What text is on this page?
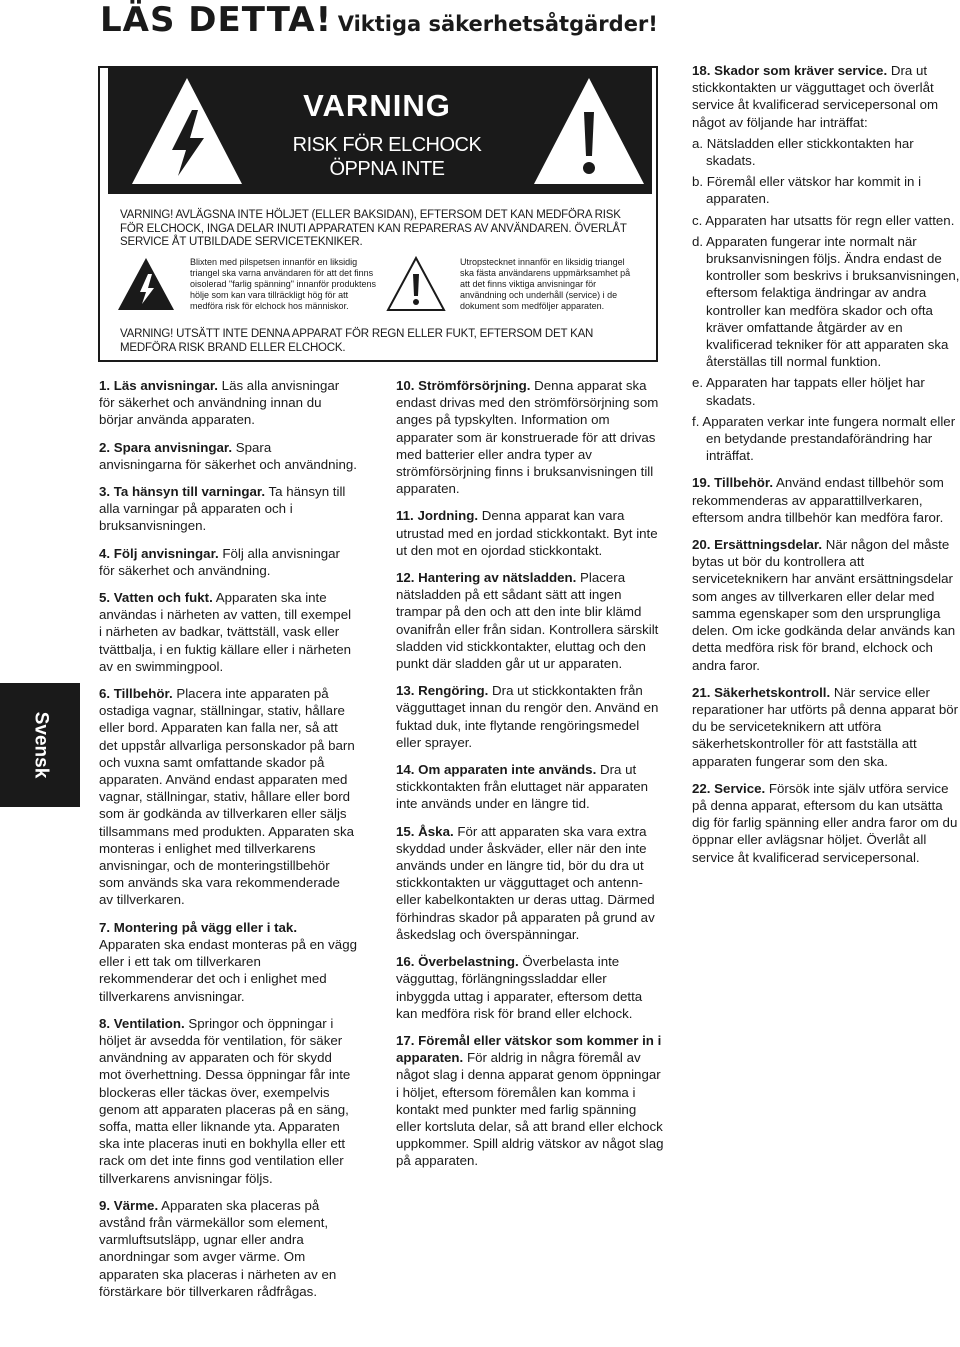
LÄS DETTA! Viktiga säkerhetsåtgärder!
VARNING
RISK FÖR ELCHOCK
ÖPPNA INTE
VARNING! AVLÄGSNA INTE HÖLJET (ELLER BAKSIDAN), EFTERSOM DET KAN MEDFÖRA RISK FÖR ELCHOCK, INGA DELAR INUTI APPARATEN KAN REPARERAS AV ANVÄNDAREN. ÖVERLÅT SERVICE ÅT UTBILDADE SERVICETEKNIKER.
Blixten med pilspetsen innanför en liksidig triangel ska varna användaren för att det finns oisolerad "farlig spänning" innanför produktens hölje som kan vara tillräckligt hög för att medföra risk för elchock hos människor.
Utropstecknet innanför en liksidig triangel ska fästa användarens uppmärksamhet på att det finns viktiga anvisningar för användning och underhåll (service) i de dokument som medföljer apparaten.
VARNING! UTSÄTT INTE DENNA APPARAT FÖR REGN ELLER FUKT, EFTERSOM DET KAN MEDFÖRA RISK BRAND ELLER ELCHOCK.

1. Läs anvisningar. Läs alla anvisningar för säkerhet och användning innan du börjar använda apparaten.

2. Spara anvisningar. Spara anvisningarna för säkerhet och användning.

3. Ta hänsyn till varningar. Ta hänsyn till alla varningar på apparaten och i bruksanvisningen.

4. Följ anvisningar. Följ alla anvisningar för säkerhet och användning.

5. Vatten och fukt. Apparaten ska inte användas i närheten av vatten, till exempel i närheten av badkar, tvättställ, vask eller tvättbalja, i en fuktig källare eller i närheten av en swimmingpool.

6. Tillbehör. Placera inte apparaten på ostadiga vagnar, ställningar, stativ, hållare eller bord. Apparaten kan falla ner, så att det uppstår allvarliga personskador på barn och vuxna samt omfattande skador på apparaten. Använd endast apparaten med vagnar, ställningar, stativ, hållare eller bord som är godkända av tillverkaren eller säljs tillsammans med produkten. Apparaten ska monteras i enlighet med tillverkarens anvisningar, och de monteringstillbehör som används ska vara rekommenderade av tillverkaren.

7. Montering på vägg eller i tak. Apparaten ska endast monteras på en vägg eller i ett tak om tillverkaren rekommenderar det och i enlighet med tillverkarens anvisningar.

8. Ventilation. Springor och öppningar i höljet är avsedda för ventilation, för säker användning av apparaten och för skydd mot överhettning. Dessa öppningar får inte blockeras eller täckas över, exempelvis genom att apparaten placeras på en säng, soffa, matta eller liknande yta. Apparaten ska inte placeras inuti en bokhylla eller ett rack om det inte finns god ventilation eller tillverkarens anvisningar följs.

9. Värme. Apparaten ska placeras på avstånd från värmekällor som element, varmluftsutsläpp, ugnar eller andra anordningar som avger värme. Om apparaten ska placeras i närheten av en förstärkare bör tillverkaren rådfrågas.

10. Strömförsörjning. Denna apparat ska endast drivas med den strömförsörjning som anges på typskylten. Information om apparater som är konstruerade för att drivas med batterier eller andra typer av strömförsörjning finns i bruksanvisningen till apparaten.

11. Jordning. Denna apparat kan vara utrustad med en jordad stickkontakt. Byt inte ut den mot en ojordad stickkontakt.

12. Hantering av nätsladden. Placera nätsladden på ett sådant sätt att ingen trampar på den och att den inte blir klämd ovanifrån eller från sidan. Kontrollera särskilt sladden vid stickkontakter, eluttag och den punkt där sladden går ut ur apparaten.

13. Rengöring. Dra ut stickkontakten från vägguttaget innan du rengör den. Använd en fuktad duk, inte flytande rengöringsmedel eller sprayer.

14. Om apparaten inte används. Dra ut stickkontakten från eluttaget när apparaten inte används under en längre tid.

15. Åska. För att apparaten ska vara extra skyddad under åskväder, eller när den inte används under en längre tid, bör du dra ut stickkontakten ur vägguttaget och antenn- eller kabelkontakten ur deras uttag. Därmed förhindras skador på apparaten på grund av åskedslag och överspänningar.

16. Överbelastning. Överbelasta inte vägguttag, förlängningssladdar eller inbyggda uttag i apparater, eftersom detta kan medföra risk för brand eller elchock.

17. Föremål eller vätskor som kommer in i apparaten. För aldrig in några föremål av något slag i denna apparat genom öppningar i höljet, eftersom föremålen kan komma i kontakt med punkter med farlig spänning eller kortsluta delar, så att brand eller elchock uppkommer. Spill aldrig vätskor av något slag på apparaten.

18. Skador som kräver service. Dra ut stickkontakten ur vägguttaget och överlåt service åt kvalificerad servicepersonal om något av följande har inträffat:

a. Nätsladden eller stickkontakten har skadats.
b. Föremål eller vätskor har kommit in i apparaten.
c. Apparaten har utsatts för regn eller vatten.
d. Apparaten fungerar inte normalt när bruksanvisningen följs. Ändra endast de kontroller som beskrivs i bruksanvisningen, eftersom felaktiga ändringar av andra kontroller kan medföra skador och ofta kräver omfattande åtgärder av en kvalificerad tekniker för att apparaten ska återställas till normal funktion.
e. Apparaten har tappats eller höljet har skadats.
f. Apparaten verkar inte fungera normalt eller en betydande prestandaförändring har inträffat.

19. Tillbehör. Använd endast tillbehör som rekommenderas av apparattillverkaren, eftersom andra tillbehör kan medföra faror.

20. Ersättningsdelar. När någon del måste bytas ut bör du kontrollera att serviceteknikern har använt ersättningsdelar som anges av tillverkaren eller delar med samma egenskaper som den ursprungliga delen. Om icke godkända delar används kan detta medföra risk för brand, elchock och andra faror.

21. Säkerhetskontroll. När service eller reparationer har utförts på denna apparat bör du be serviceteknikern att utföra säkerhetskontroller för att fastställa att apparaten fungerar som den ska.

22. Service. Försök inte själv utföra service på denna apparat, eftersom du kan utsätta dig för farlig spänning eller andra faror om du öppnar eller avlägsnar höljet. Överlåt all service åt kvalificerad servicepersonal.

Svensk
